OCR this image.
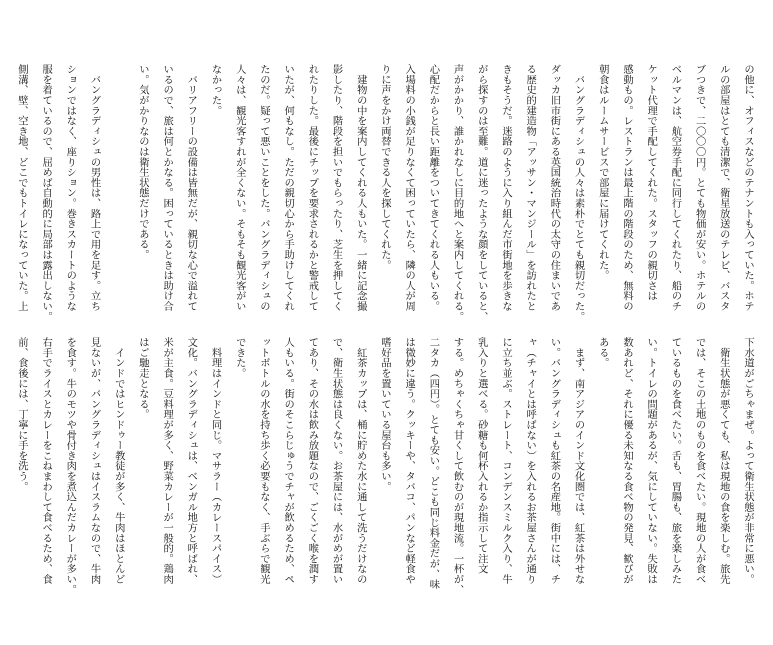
の他に、オフィスなどのテナントも入っていた。ホテ
ルの部屋はとても清潔で、衛星放送のテレビ、バスタ
ブつきで、二〇〇〇円。とても物価が安い。ホテルの
ベルマンは、航空券手配に同行してくれたり、船のチ
ケット代理で手配してくれた。スタッフの親切さは
感動もの。レストランは最上階の階段のため、無料の
朝食はルームサービスで部屋に届けてくれた。
　バングラディシュの人々は素朴でとても親切だった。
ダッカ旧市街にある英国統治時代の太守の住まいであ
る歴史的建造物「アッサン・マンジール」を訪れたと
きもそうだ。迷路のように入り組んだ市街地を歩きな
がら探すのは至難。道に迷ったような顔をしていると、
声がかかり、誰かれなしに目的地へと案内してくれる。
心配だからと長い距離をついてきてくれる人もいる。
入場料の小銭が足りなくて困っていたら、隣の人が周
りに声をかけ両替できる人を探してくれた。
　建物の中を案内してくれる人もいた。一緒に記念撮
影したり、階段を担いでもらったり、芝生を押してく
れたりした。最後にチップを要求されるかと警戒して
いたが、何もなし。ただの親切心から手助けしてくれ
たのだ。疑って悪いことをした。バングラディシュの
人々は、観光客すれが全くない。そもそも観光客がい
なかった。
　バリアフリーの設備は皆無だが、親切な心で溢れて
いるので、旅は何とかなる。困っているときは助け合
い。気がかりなのは衛生状態だけである。
　バングラディシュの男性は、路上で用を足す。立ち
ションではなく、座りション。巻きスカートのような
服を着ているので、屈めば自動的に局部は露出しない。
側溝、壁、空き地、どこでもトイレになっていた。上
下水道がごちゃまぜ。よって衛生状態が非常に悪い。
　衛生状態が悪くても、私は現地の食を楽しむ。旅先
では、そこの土地のものを食べたい。現地の人が食べ
ているものを食べたい。舌も、胃腸も、旅を楽しみた
い。トイレの問題があるが、気にしていない。失敗は
数あれど、それに優る未知なる食べ物の発見、歓びが
ある。
　まず、南アジアのインド文化圏では、紅茶は外せな
い。バングラディシュも紅茶の名産地。街中には、チ
ャ（チャイとは呼ばない）を入れるお茶屋さんが通り
に立ち並ぶ。ストレート、コンデンスミルク入り、牛
乳入りと選べる。砂糖も何杯入れるか指示して注文
する。めちゃくちゃ甘くして飲むのが現地流。一杯が、
二タカ（四円）。とても安い。どこも同じ料金だが、味
は微妙に違う。クッキーや、タバコ、パンなど軽食や
嗜好品を置いている屋台も多い。
　紅茶カップは、桶に貯めた水に通して洗うだけなの
で、衛生状態は良くない。お茶屋には、水がめが置い
てあり、その水は飲み放題なので、ごくごく喉を潤す
人もいる。街のそこらじゅうでチャが飲めるため、ペ
ットボトルの水を持ち歩く必要もなく、手ぶらで観光
できた。
　料理はインドと同じ。マサラー（カレースパイス）
文化。バングラディシュは、ベンガル地方と呼ばれ、
米が主食。豆料理が多く、野菜カレーが一般的。鶏肉
はご馳走となる。
　インドではヒンドゥー教徒が多く、牛肉はほとんど
見ないが、バングラディシュはイスラムなので、牛肉
を食す。牛のモツや骨付き肉を煮込んだカレーが多い。
右手でライスとカレーをこねまわして食べるため、食
前、食後には、丁寧に手を洗う。
